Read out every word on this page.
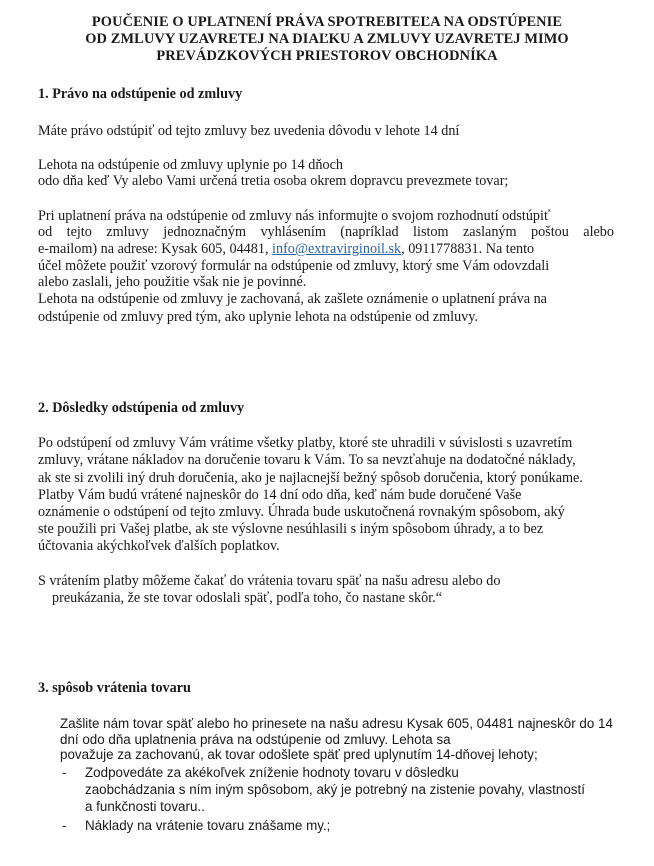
POUČENIE O UPLATNENÍ PRÁVA SPOTREBITEĽA NA ODSTÚPENIE
OD ZMLUVY UZAVRETEJ NA DIAĽKU A ZMLUVY UZAVRETEJ MIMO
PREVÁDZKOVÝCH PRIESTOROV OBCHODNÍKA
1. Právo na odstúpenie od zmluvy
Máte právo odstúpiť od tejto zmluvy bez uvedenia dôvodu v lehote 14 dní
Lehota na odstúpenie od zmluvy uplynie po 14 dňoch
odo dňa keď Vy alebo Vami určená tretia osoba okrem dopravcu prevezmete tovar;
Pri uplatnení práva na odstúpenie od zmluvy nás informujte o svojom rozhodnutí odstúpiť
od tejto zmluvy jednoznačným vyhlásením (napríklad listom zaslaným poštou alebo
e-mailom) na adrese: Kysak 605, 04481, info@extravirginoil.sk, 0911778831. Na tento
účel môžete použiť vzorový formulár na odstúpenie od zmluvy, ktorý sme Vám odovzdali
alebo zaslali, jeho použitie však nie je povinné.
Lehota na odstúpenie od zmluvy je zachovaná, ak zašlete oznámenie o uplatnení práva na
odstúpenie od zmluvy pred tým, ako uplynie lehota na odstúpenie od zmluvy.
2. Dôsledky odstúpenia od zmluvy
Po odstúpení od zmluvy Vám vrátime všetky platby, ktoré ste uhradili v súvislosti s uzavretím
zmluvy, vrátane nákladov na doručenie tovaru k Vám. To sa nevzťahuje na dodatočné náklady,
ak ste si zvolili iný druh doručenia, ako je najlacnejší bežný spôsob doručenia, ktorý ponúkame.
Platby Vám budú vrátené najneskôr do 14 dní odo dňa, keď nám bude doručené Vaše
oznámenie o odstúpení od tejto zmluvy. Úhrada bude uskutočnená rovnakým spôsobom, aký
ste použili pri Vašej platbe, ak ste výslovne nesúhlasili s iným spôsobom úhrady, a to bez
účtovania akýchkoľvek ďalších poplatkov.
S vrátením platby môžeme čakať do vrátenia tovaru späť na našu adresu alebo do
preukázania, že ste tovar odoslali späť, podľa toho, čo nastane skôr.“
3. spôsob vrátenia tovaru
Zašlite nám tovar späť alebo ho prinesete na našu adresu Kysak 605, 04481 najneskôr do 14
dní odo dňa uplatnenia práva na odstúpenie od zmluvy. Lehota sa
považuje za zachovanú, ak tovar odošlete späť pred uplynutím 14-dňovej lehoty;
- Zodpovedáte za akékoľvek zníženie hodnoty tovaru v dôsledku
zaobchádzania s ním iným spôsobom, aký je potrebný na zistenie povahy, vlastností
a funkčnosti tovaru..
- Náklady na vrátenie tovaru znášame my.;
